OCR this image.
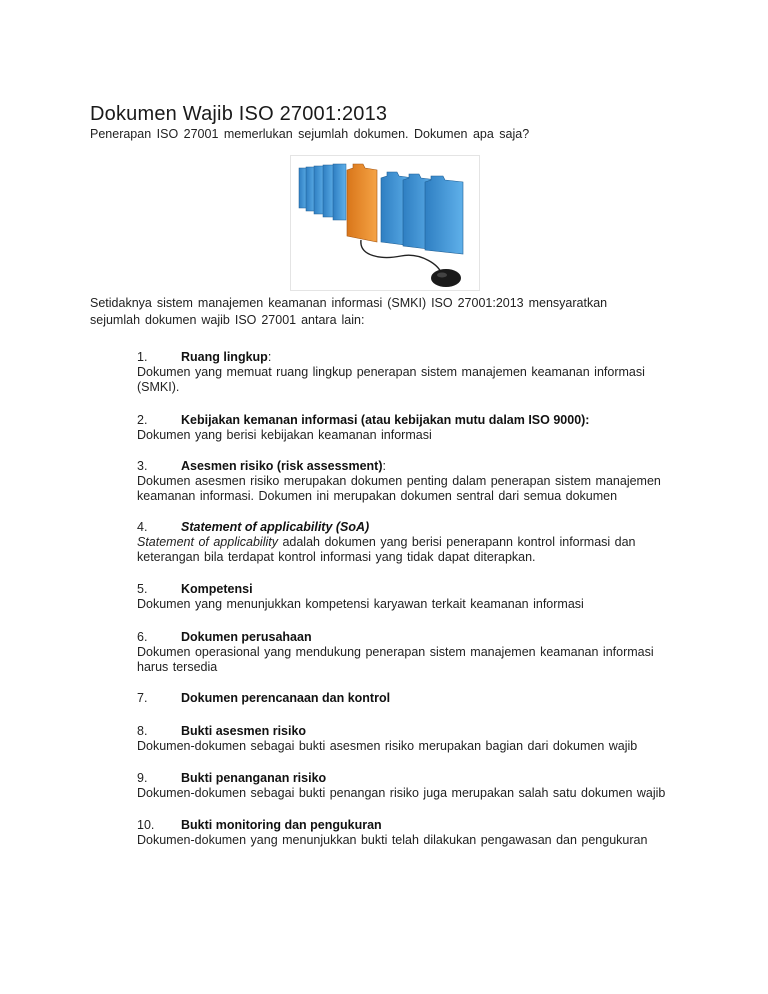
Dokumen Wajib ISO 27001:2013
Penerapan ISO 27001 memerlukan sejumlah dokumen. Dokumen apa saja?
Setidaknya sistem manajemen keamanan informasi (SMKI) ISO 27001:2013 mensyaratkan sejumlah dokumen wajib ISO 27001 antara lain:
1.	Ruang lingkup:
Dokumen yang memuat ruang lingkup penerapan sistem manajemen keamanan informasi (SMKI).
2.	Kebijakan kemanan informasi (atau kebijakan mutu dalam ISO 9000):
Dokumen yang berisi kebijakan keamanan informasi
3.	Asesmen risiko (risk assessment):
Dokumen asesmen risiko merupakan dokumen penting dalam penerapan sistem manajemen keamanan informasi. Dokumen ini merupakan dokumen sentral dari semua dokumen
4.	Statement of applicability (SoA)
Statement of applicability adalah dokumen yang berisi penerapann kontrol informasi dan keterangan bila terdapat kontrol informasi yang tidak dapat diterapkan.
5.	Kompetensi
Dokumen yang menunjukkan kompetensi karyawan terkait keamanan informasi
6.	Dokumen perusahaan
Dokumen operasional yang mendukung penerapan sistem manajemen keamanan informasi harus tersedia
7.	Dokumen perencanaan dan kontrol
8.	Bukti asesmen risiko
Dokumen-dokumen sebagai bukti asesmen risiko merupakan bagian dari dokumen wajib
9.	Bukti penanganan risiko
Dokumen-dokumen sebagai bukti penangan risiko juga merupakan salah satu dokumen wajib
10.	Bukti monitoring dan pengukuran
Dokumen-dokumen yang menunjukkan bukti telah dilakukan pengawasan dan pengukuran
